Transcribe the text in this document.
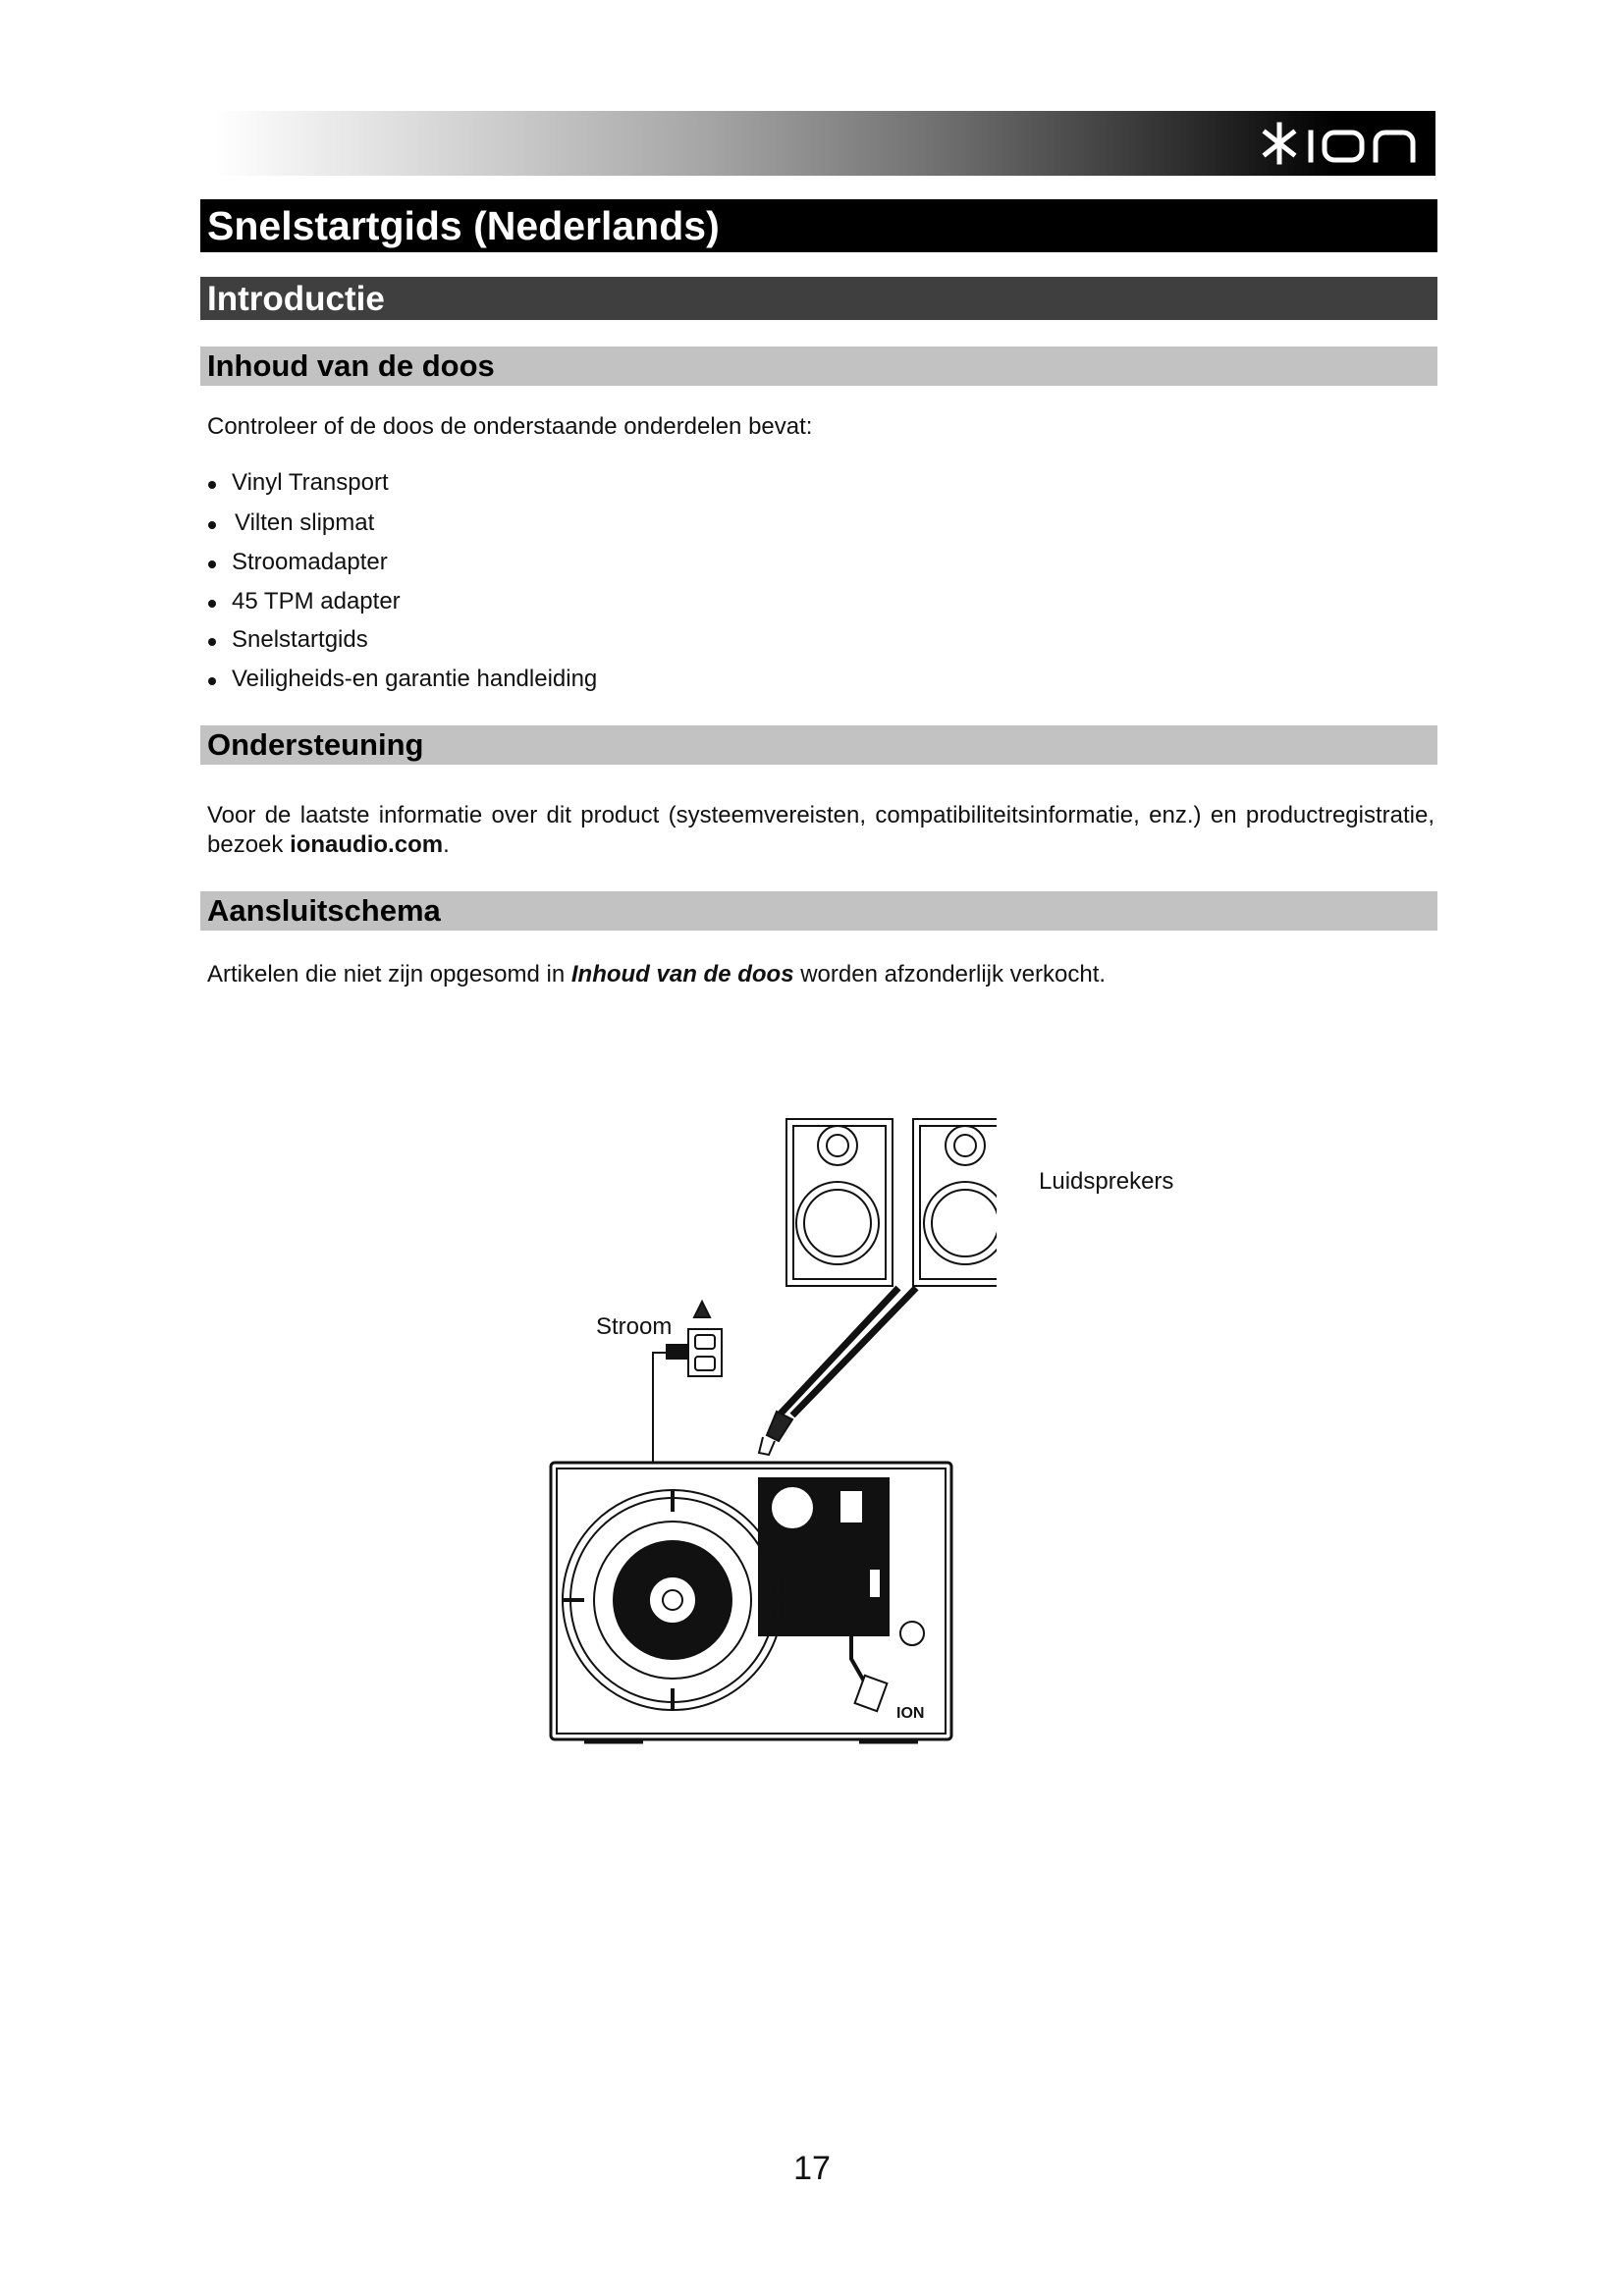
Snelstartgids (Nederlands)
Introductie
Inhoud van de doos
Controleer of de doos de onderstaande onderdelen bevat:
Vinyl Transport
Vilten slipmat
Stroomadapter
45 TPM adapter
Snelstartgids
Veiligheids-en garantie handleiding
Ondersteuning
Voor de laatste informatie over dit product (systeemvereisten, compatibiliteitsinformatie, enz.) en productregistratie, bezoek ionaudio.com.
Aansluitschema
Artikelen die niet zijn opgesomd in Inhoud van de doos worden afzonderlijk verkocht.
ION
Luidsprekers
Stroom
17
